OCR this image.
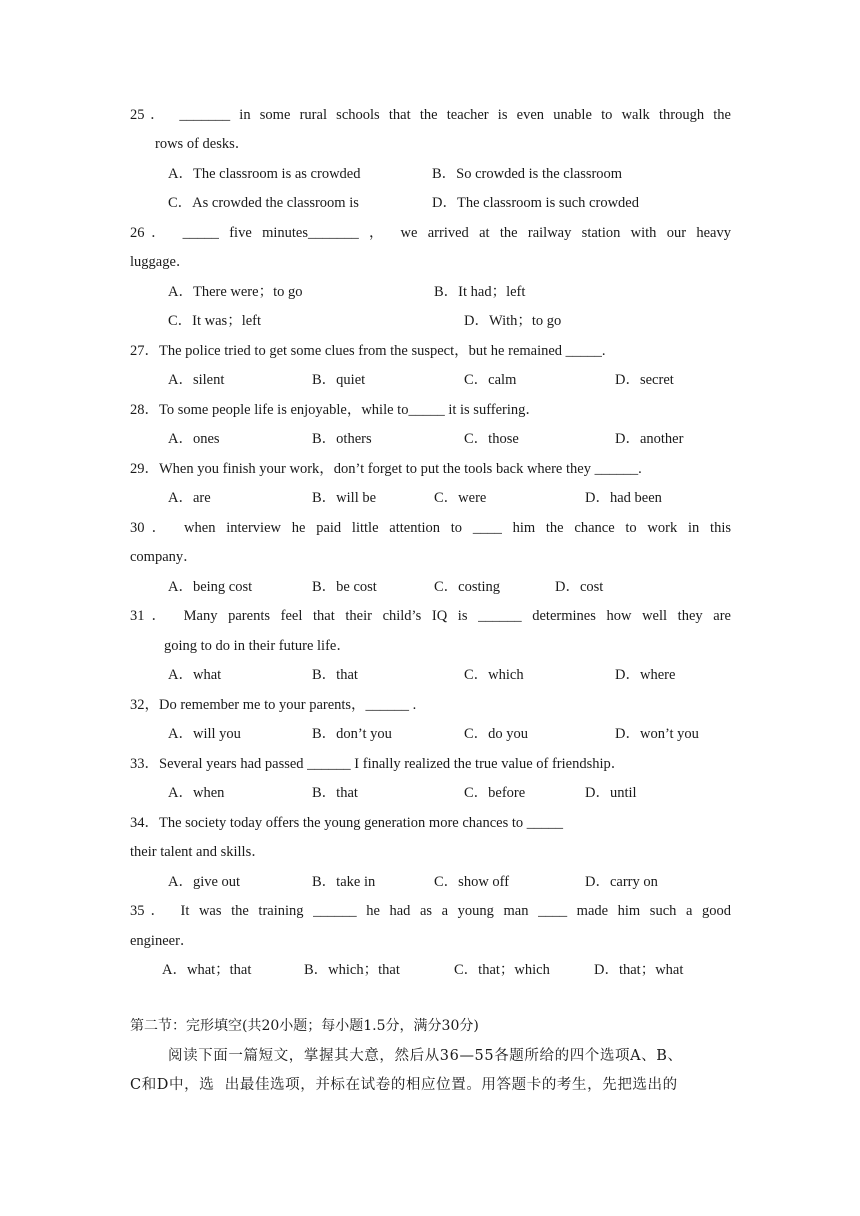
25． _______ in some rural schools that the teacher is even unable to walk through the
rows of desks．
A．The classroom is as crowded	B．So crowded is the classroom
C．As crowded the classroom is	D．The classroom is such crowded
26． _____ five minutes_______ ， we arrived at the railway station with our heavy
luggage．
A．There were；to go	B．It had；left
C．It was；left	D．With；to go
27．The police tried to get some clues from the suspect，but he remained _____.
A．silent	B．quiet	C．calm	D．secret
28．To some people life is enjoyable，while to_____ it is suffering．
A．ones	B．others	C．those	D．another
29．When you finish your work，don’t forget to put the tools back where they ______.
A．are	B．will be	C．were	D．had been
30． when interview he paid little attention to ____ him the chance to work in this
company．
A．being cost	B．be cost	C．costing	D．cost
31． Many parents feel that their child’s IQ is ______ determines how well they are
going to do in their future life．
A．what	B．that	C．which	D．where
32，Do remember me to your parents，______ .
A．will you	B．don’t you	C．do you	D．won’t you
33．Several years had passed ______ I finally realized the true value of friendship．
A．when	B．that	C．before	D．until
34．The society today offers the young generation more chances to _____
their talent and skills．
A．give out	B．take in	C．show off	D．carry on
35． It was the training ______ he had as a young man ____ made him such a good
engineer．
A．what；that	B．which；that	C．that；which	D．that；what
第二节：完形填空(共20小题；每小题1.5分，满分30分)
阅读下面一篇短文，掌握其大意，然后从36—55各题所给的四个选项A、B、
C和D中，选  出最佳选项，并标在试卷的相应位置。用答题卡的考生，先把选出的
